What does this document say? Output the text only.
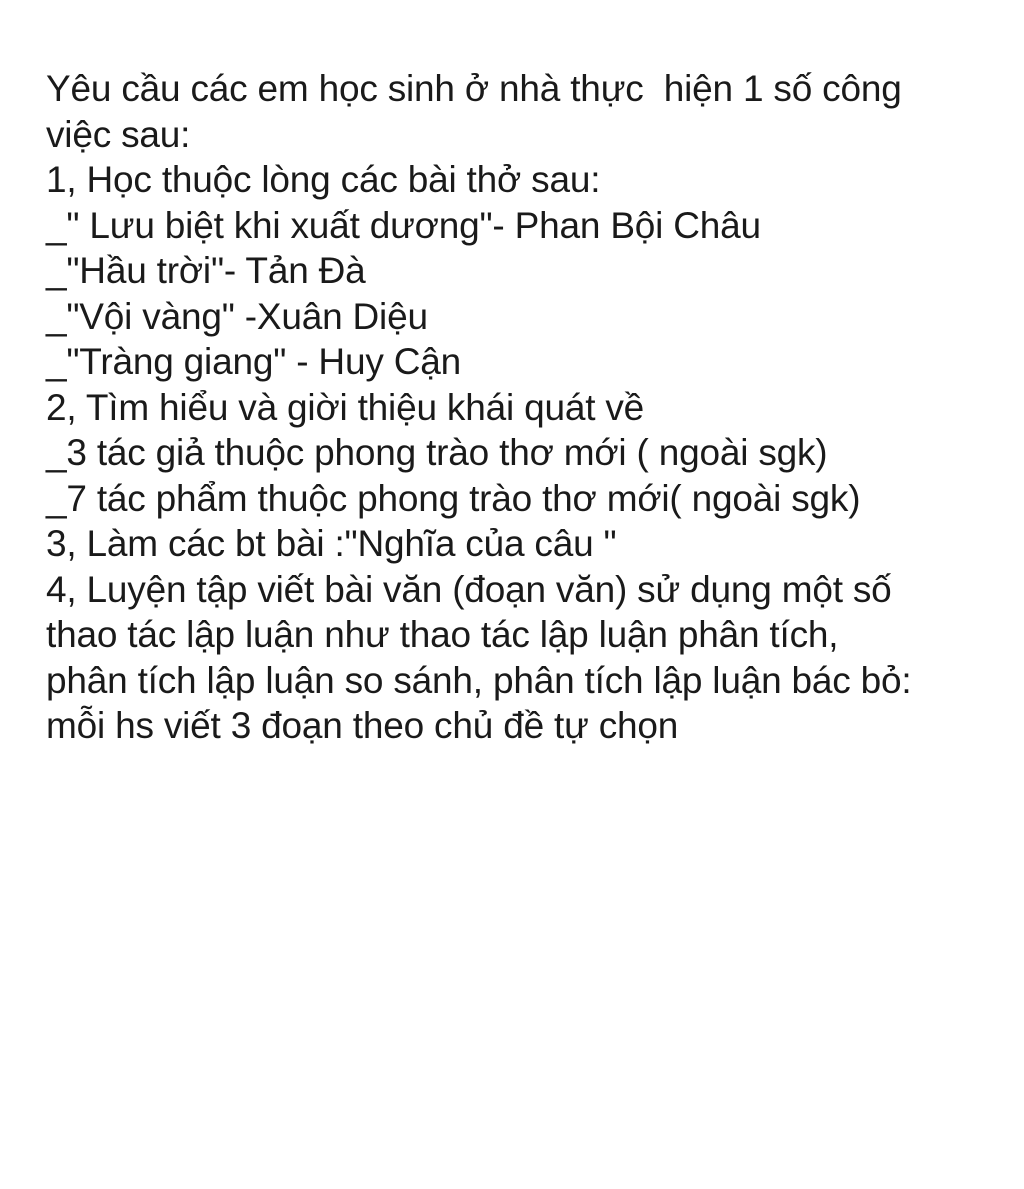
Yêu cầu các em học sinh ở nhà thực  hiện 1 số công

việc sau:

1, Học thuộc lòng các bài thở sau:

_" Lưu biệt khi xuất dương"- Phan Bội Châu

_"Hầu trời"- Tản Đà

_"Vội vàng" -Xuân Diệu

_"Tràng giang" - Huy Cận

2, Tìm hiểu và giời thiệu khái quát về

_3 tác giả thuộc phong trào thơ mới ( ngoài sgk)

_7 tác phẩm thuộc phong trào thơ mới( ngoài sgk)

3, Làm các bt bài :"Nghĩa của câu "

4, Luyện tập viết bài văn (đoạn văn) sử dụng một số

thao tác lập luận như thao tác lập luận phân tích,

phân tích lập luận so sánh, phân tích lập luận bác bỏ:

mỗi hs viết 3 đoạn theo chủ đề tự chọn
